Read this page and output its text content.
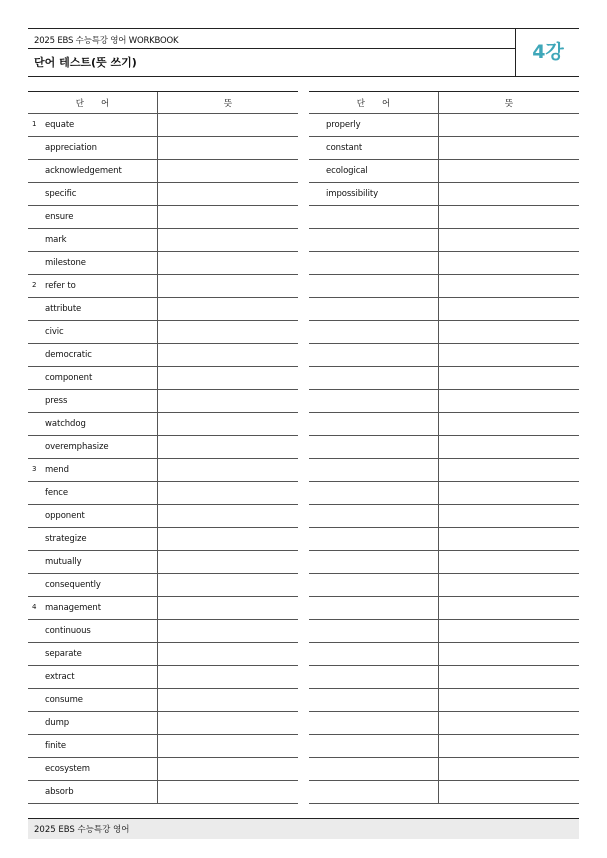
2025 EBS 수능특강 영어 WORKBOOK
단어 테스트(뜻 쓰기)	4강
단　　어	뜻
1 equate
appreciation
acknowledgement
specific
ensure
mark
milestone
2 refer to
attribute
civic
democratic
component
press
watchdog
overemphasize
3 mend
fence
opponent
strategize
mutually
consequently
4 management
continuous
separate
extract
consume
dump
finite
ecosystem
absorb
단　　어	뜻
properly
constant
ecological
impossibility
2025 EBS 수능특강 영어
